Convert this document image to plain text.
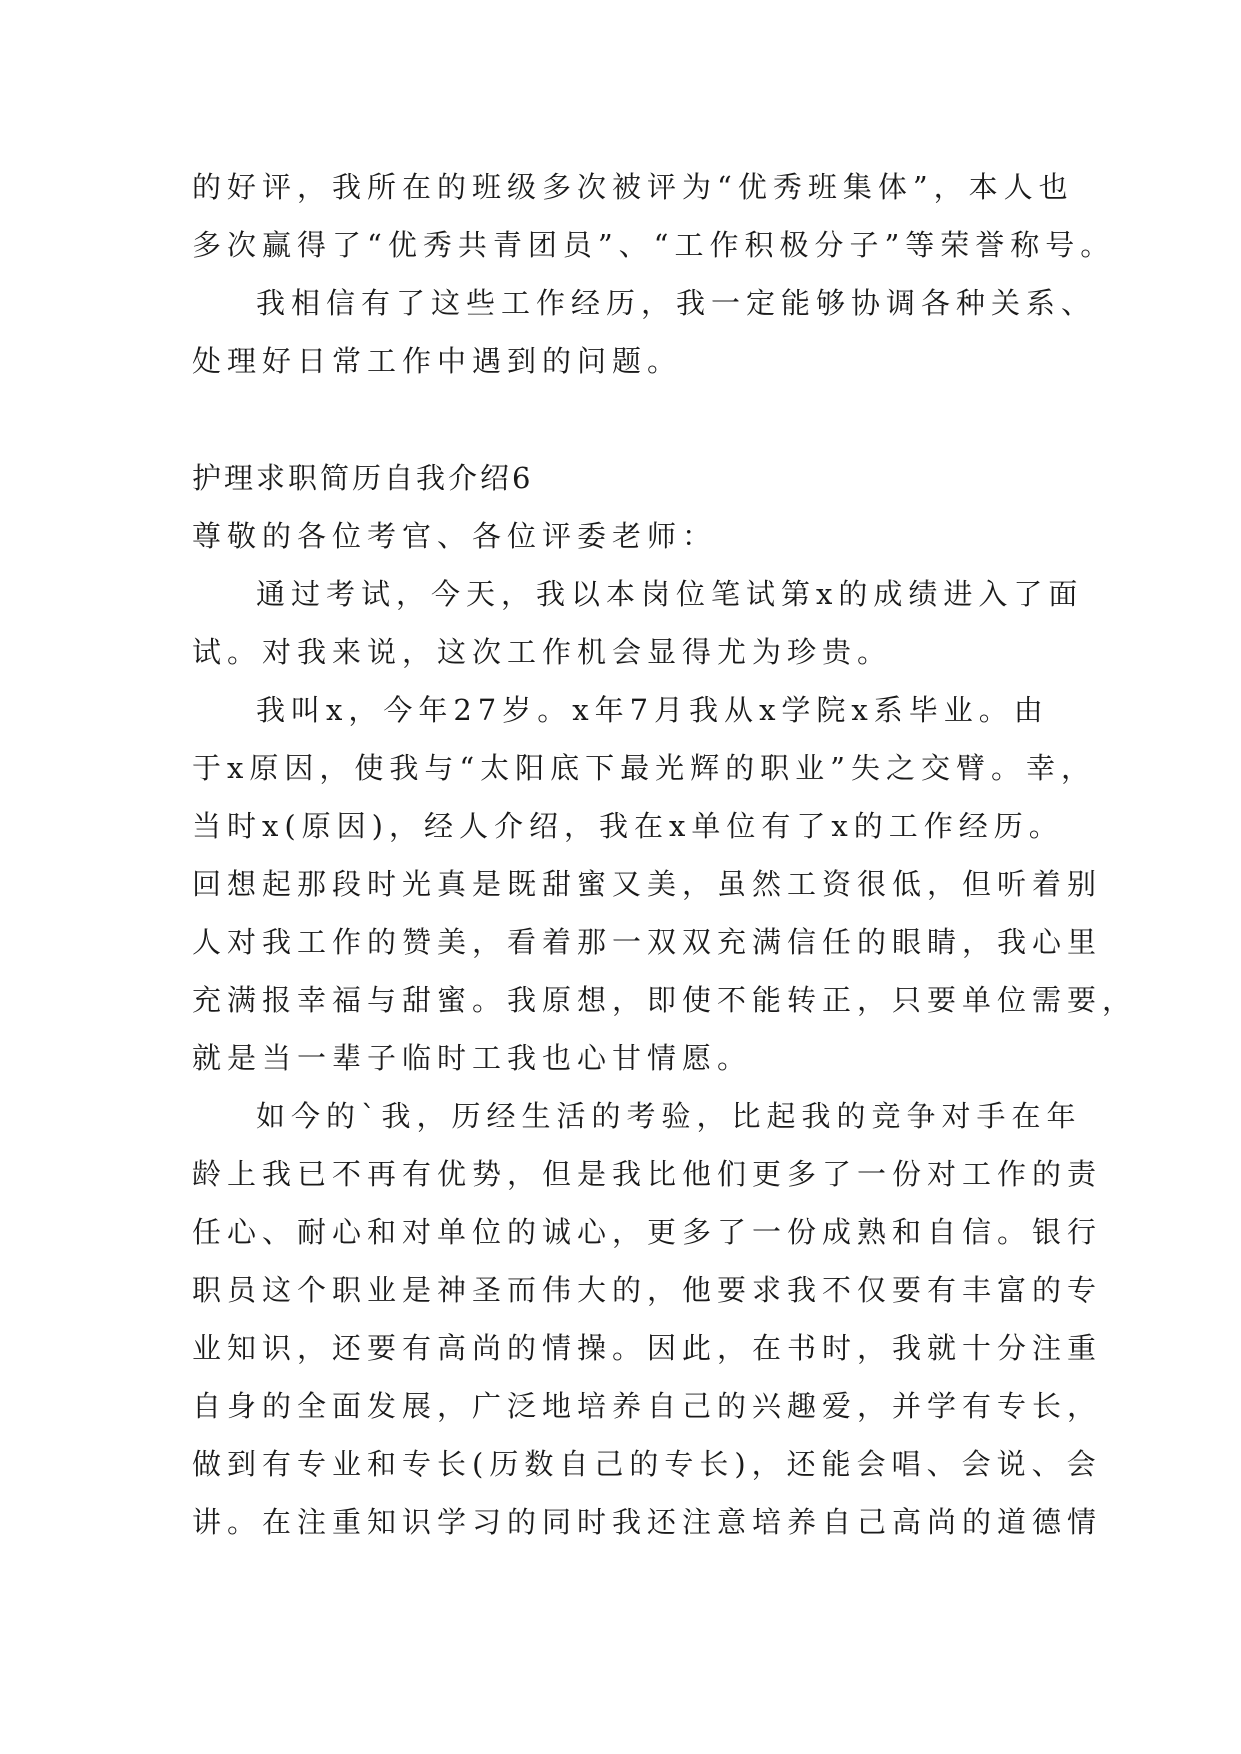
的好评，我所在的班级多次被评为“优秀班集体”，本人也
多次赢得了“优秀共青团员”、“工作积极分子”等荣誉称号。
我相信有了这些工作经历，我一定能够协调各种关系、
处理好日常工作中遇到的问题。
护理求职简历自我介绍6
尊敬的各位考官、各位评委老师：
通过考试，今天，我以本岗位笔试第x的成绩进入了面
试。对我来说，这次工作机会显得尤为珍贵。
我叫x，今年27岁。x年7月我从x学院x系毕业。由
于x原因，使我与“太阳底下最光辉的职业”失之交臂。幸，
当时x(原因)，经人介绍，我在x单位有了x的工作经历。
回想起那段时光真是既甜蜜又美，虽然工资很低，但听着别
人对我工作的赞美，看着那一双双充满信任的眼睛，我心里
充满报幸福与甜蜜。我原想，即使不能转正，只要单位需要，
就是当一辈子临时工我也心甘情愿。
如今的`我，历经生活的考验，比起我的竞争对手在年
龄上我已不再有优势，但是我比他们更多了一份对工作的责
任心、耐心和对单位的诚心，更多了一份成熟和自信。银行
职员这个职业是神圣而伟大的，他要求我不仅要有丰富的专
业知识，还要有高尚的情操。因此，在书时，我就十分注重
自身的全面发展，广泛地培养自己的兴趣爱，并学有专长，
做到有专业和专长(历数自己的专长)，还能会唱、会说、会
讲。在注重知识学习的同时我还注意培养自己高尚的道德情
